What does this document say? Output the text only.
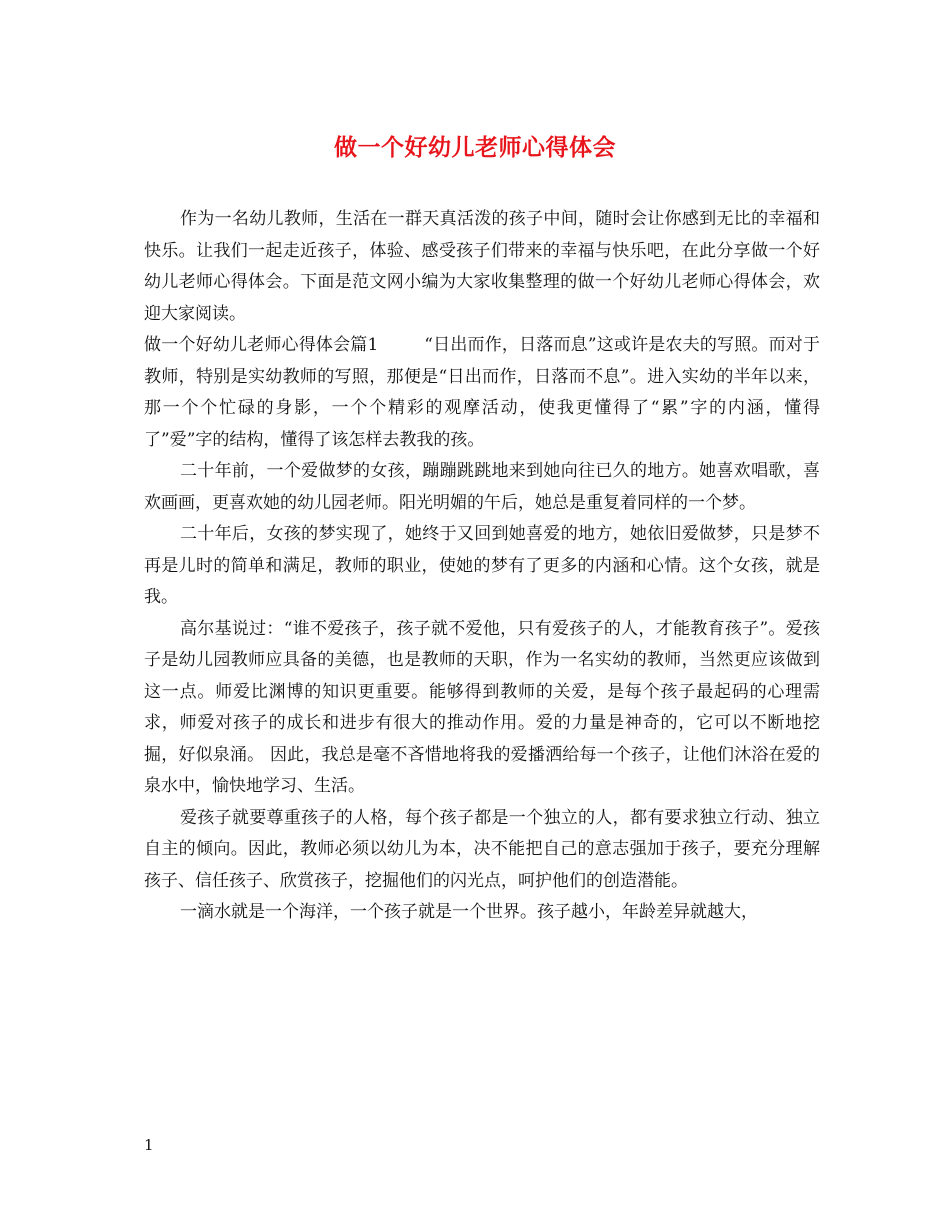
做一个好幼儿老师心得体会

作为一名幼儿教师，生活在一群天真活泼的孩子中间，随时会让你感到无比的幸福和快乐。让我们一起走近孩子，体验、感受孩子们带来的幸福与快乐吧，在此分享做一个好幼儿老师心得体会。下面是范文网小编为大家收集整理的做一个好幼儿老师心得体会，欢迎大家阅读。

做一个好幼儿老师心得体会篇1	“日出而作，日落而息”这或许是农夫的写照。而对于教师，特别是实幼教师的写照，那便是“日出而作，日落而不息”。进入实幼的半年以来，那一个个忙碌的身影，一个个精彩的观摩活动，使我更懂得了“累”字的内涵，懂得了”爱”字的结构，懂得了该怎样去教我的孩。

二十年前，一个爱做梦的女孩，蹦蹦跳跳地来到她向往已久的地方。她喜欢唱歌，喜欢画画，更喜欢她的幼儿园老师。阳光明媚的午后，她总是重复着同样的一个梦。

二十年后，女孩的梦实现了，她终于又回到她喜爱的地方，她依旧爱做梦，只是梦不再是儿时的简单和满足，教师的职业，使她的梦有了更多的内涵和心情。这个女孩，就是我。

高尔基说过：“谁不爱孩子，孩子就不爱他，只有爱孩子的人，才能教育孩子”。爱孩子是幼儿园教师应具备的美德，也是教师的天职，作为一名实幼的教师，当然更应该做到这一点。师爱比渊博的知识更重要。能够得到教师的关爱，是每个孩子最起码的心理需求，师爱对孩子的成长和进步有很大的推动作用。爱的力量是神奇的，它可以不断地挖掘，好似泉涌。 因此，我总是毫不吝惜地将我的爱播洒给每一个孩子，让他们沐浴在爱的泉水中，愉快地学习、生活。

爱孩子就要尊重孩子的人格，每个孩子都是一个独立的人，都有要求独立行动、独立自主的倾向。因此，教师必须以幼儿为本，决不能把自己的意志强加于孩子，要充分理解孩子、信任孩子、欣赏孩子，挖掘他们的闪光点，呵护他们的创造潜能。

一滴水就是一个海洋，一个孩子就是一个世界。孩子越小，年龄差异就越大，

1
